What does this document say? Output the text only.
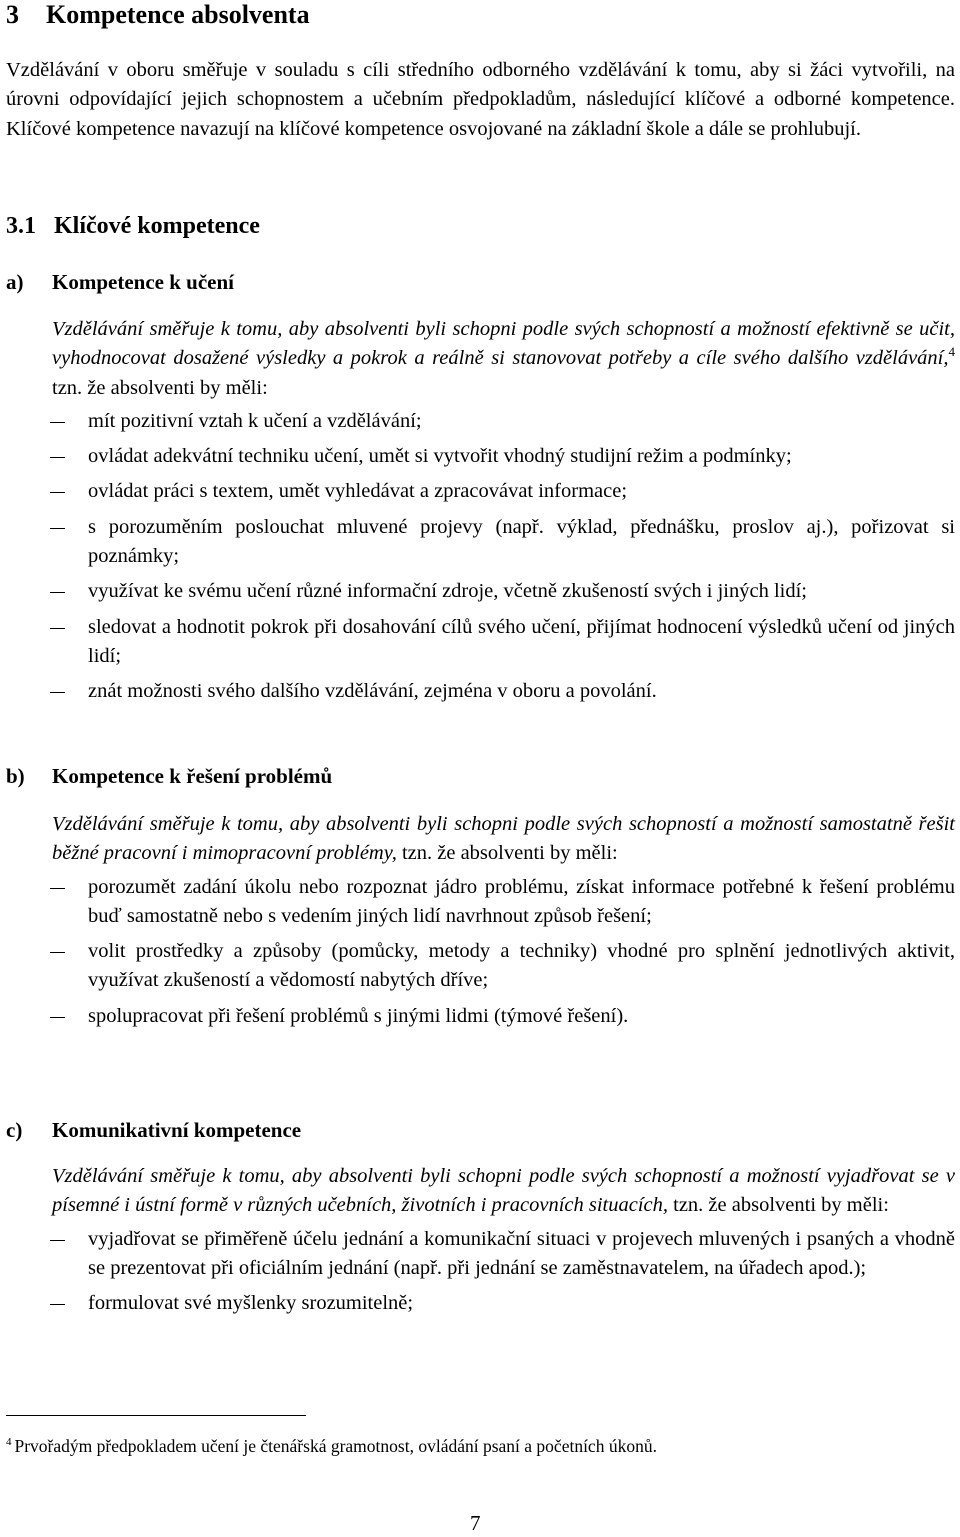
3 Kompetence absolventa
Vzdělávání v oboru směřuje v souladu s cíli středního odborného vzdělávání k tomu, aby si žáci vytvořili, na úrovni odpovídající jejich schopnostem a učebním předpokladům, následující klíčové a odborné kompetence. Klíčové kompetence navazují na klíčové kompetence osvojované na základní škole a dále se prohlubují.
3.1 Klíčové kompetence
a) Kompetence k učení

Vzdělávání směřuje k tomu, aby absolventi byli schopni podle svých schopností a možností efektivně se učit, vyhodnocovat dosažené výsledky a pokrok a reálně si stanovovat potřeby a cíle svého dalšího vzdělávání,$^4$ tzn. že absolventi by měli:

mít pozitivní vztah k učení a vzdělávání;
ovládat adekvátní techniku učení, umět si vytvořit vhodný studijní režim a podmínky;
ovládat práci s textem, umět vyhledávat a zpracovávat informace;
s porozuměním poslouchat mluvené projevy (např. výklad, přednášku, proslov aj.), pořizovat si poznámky;
využívat ke svému učení různé informační zdroje, včetně zkušeností svých i jiných lidí;
sledovat a hodnotit pokrok při dosahování cílů svého učení, přijímat hodnocení výsledků učení od jiných lidí;
znát možnosti svého dalšího vzdělávání, zejména v oboru a povolání.
b) Kompetence k řešení problémů

Vzdělávání směřuje k tomu, aby absolventi byli schopni podle svých schopností a možností samostatně řešit běžné pracovní i mimopracovní problémy, tzn. že absolventi by měli:

porozumět zadání úkolu nebo rozpoznat jádro problému, získat informace potřebné k řešení problému buď samostatně nebo s vedením jiných lidí navrhnout způsob řešení;
volit prostředky a způsoby (pomůcky, metody a techniky) vhodné pro splnění jednotlivých aktivit, využívat zkušeností a vědomostí nabytých dříve;
spolupracovat při řešení problémů s jinými lidmi (týmové řešení).
c) Komunikativní kompetence

Vzdělávání směřuje k tomu, aby absolventi byli schopni podle svých schopností a možností vyjadřovat se v písemné i ústní formě v různých učebních, životních i pracovních situacích, tzn. že absolventi by měli:

vyjadřovat se přiměřeně účelu jednání a komunikační situaci v projevech mluvených i psaných a vhodně se prezentovat při oficiálním jednání (např. při jednání se zaměstnavatelem, na úřadech apod.);
formulovat své myšlenky srozumitelně;
$^4$ Prvořadým předpokladem učení je čtenářská gramotnost, ovládání psaní a početních úkonů.
7
